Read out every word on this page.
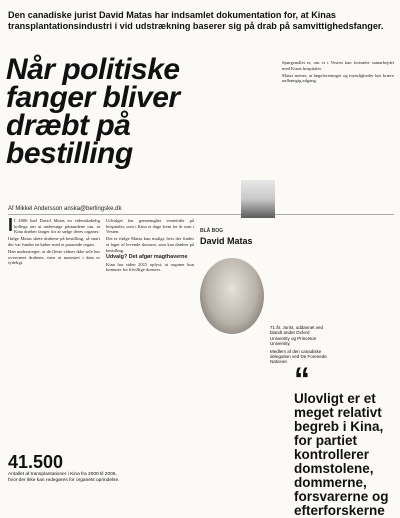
Den canadiske jurist David Matas har indsamlet dokumentation for, at Kinas transplantationsindustri i vid udstrækning baserer sig på drab på samvittighedsfanger.
Når politiske fanger bliver dræbt på bestilling
Af Mikkel Andersson anska@berlingske.dk

I I 2006 bad David Matas en videnskabelig kollega om at undersøge påstandene om, at Kina dræber fanger for at sælge deres organer.

Ifølge Matas skete drabene på bestilling, så snart der var fundet en køber med et passende organ.

Han understreger, at de fleste vidner ikke selv har overværet drabene, men at mønstret i data er tydeligt.

Udvalget har gennemgået ventetider på hospitaler, som i Kina er dage frem for år som i Vesten.

Det er ifølge Matas kun muligt, hvis der findes et lager af levende donorer, som kan dræbes på bestilling.

Udvalg? Det afgør magthaverne

Kina har siden 2015 oplyst, at organer kun kommer fra frivillige donorer.

Spørgsmålet er, om vi i Vesten kan fortsætte samarbejdet med Kinas hospitaler.

Matas mener, at lægeforeninger og myndigheder bør kræve uafhængig adgang.

BLÅ BOG
David Matas

71 år. Jurist, uddannet ved blandt andet Oxford University og Princeton University.

Medlem af den canadiske delegation ved De Forenede Nationer.

41.500
Antallet af transplantationer i Kina fra 2000 til 2006, hvor der ikke kan redegøres for organets oprindelse.
“
Ulovligt er et meget relativt begreb i Kina, for partiet kontrollerer domstolene, dommerne, forsvarerne og efterforskerne
